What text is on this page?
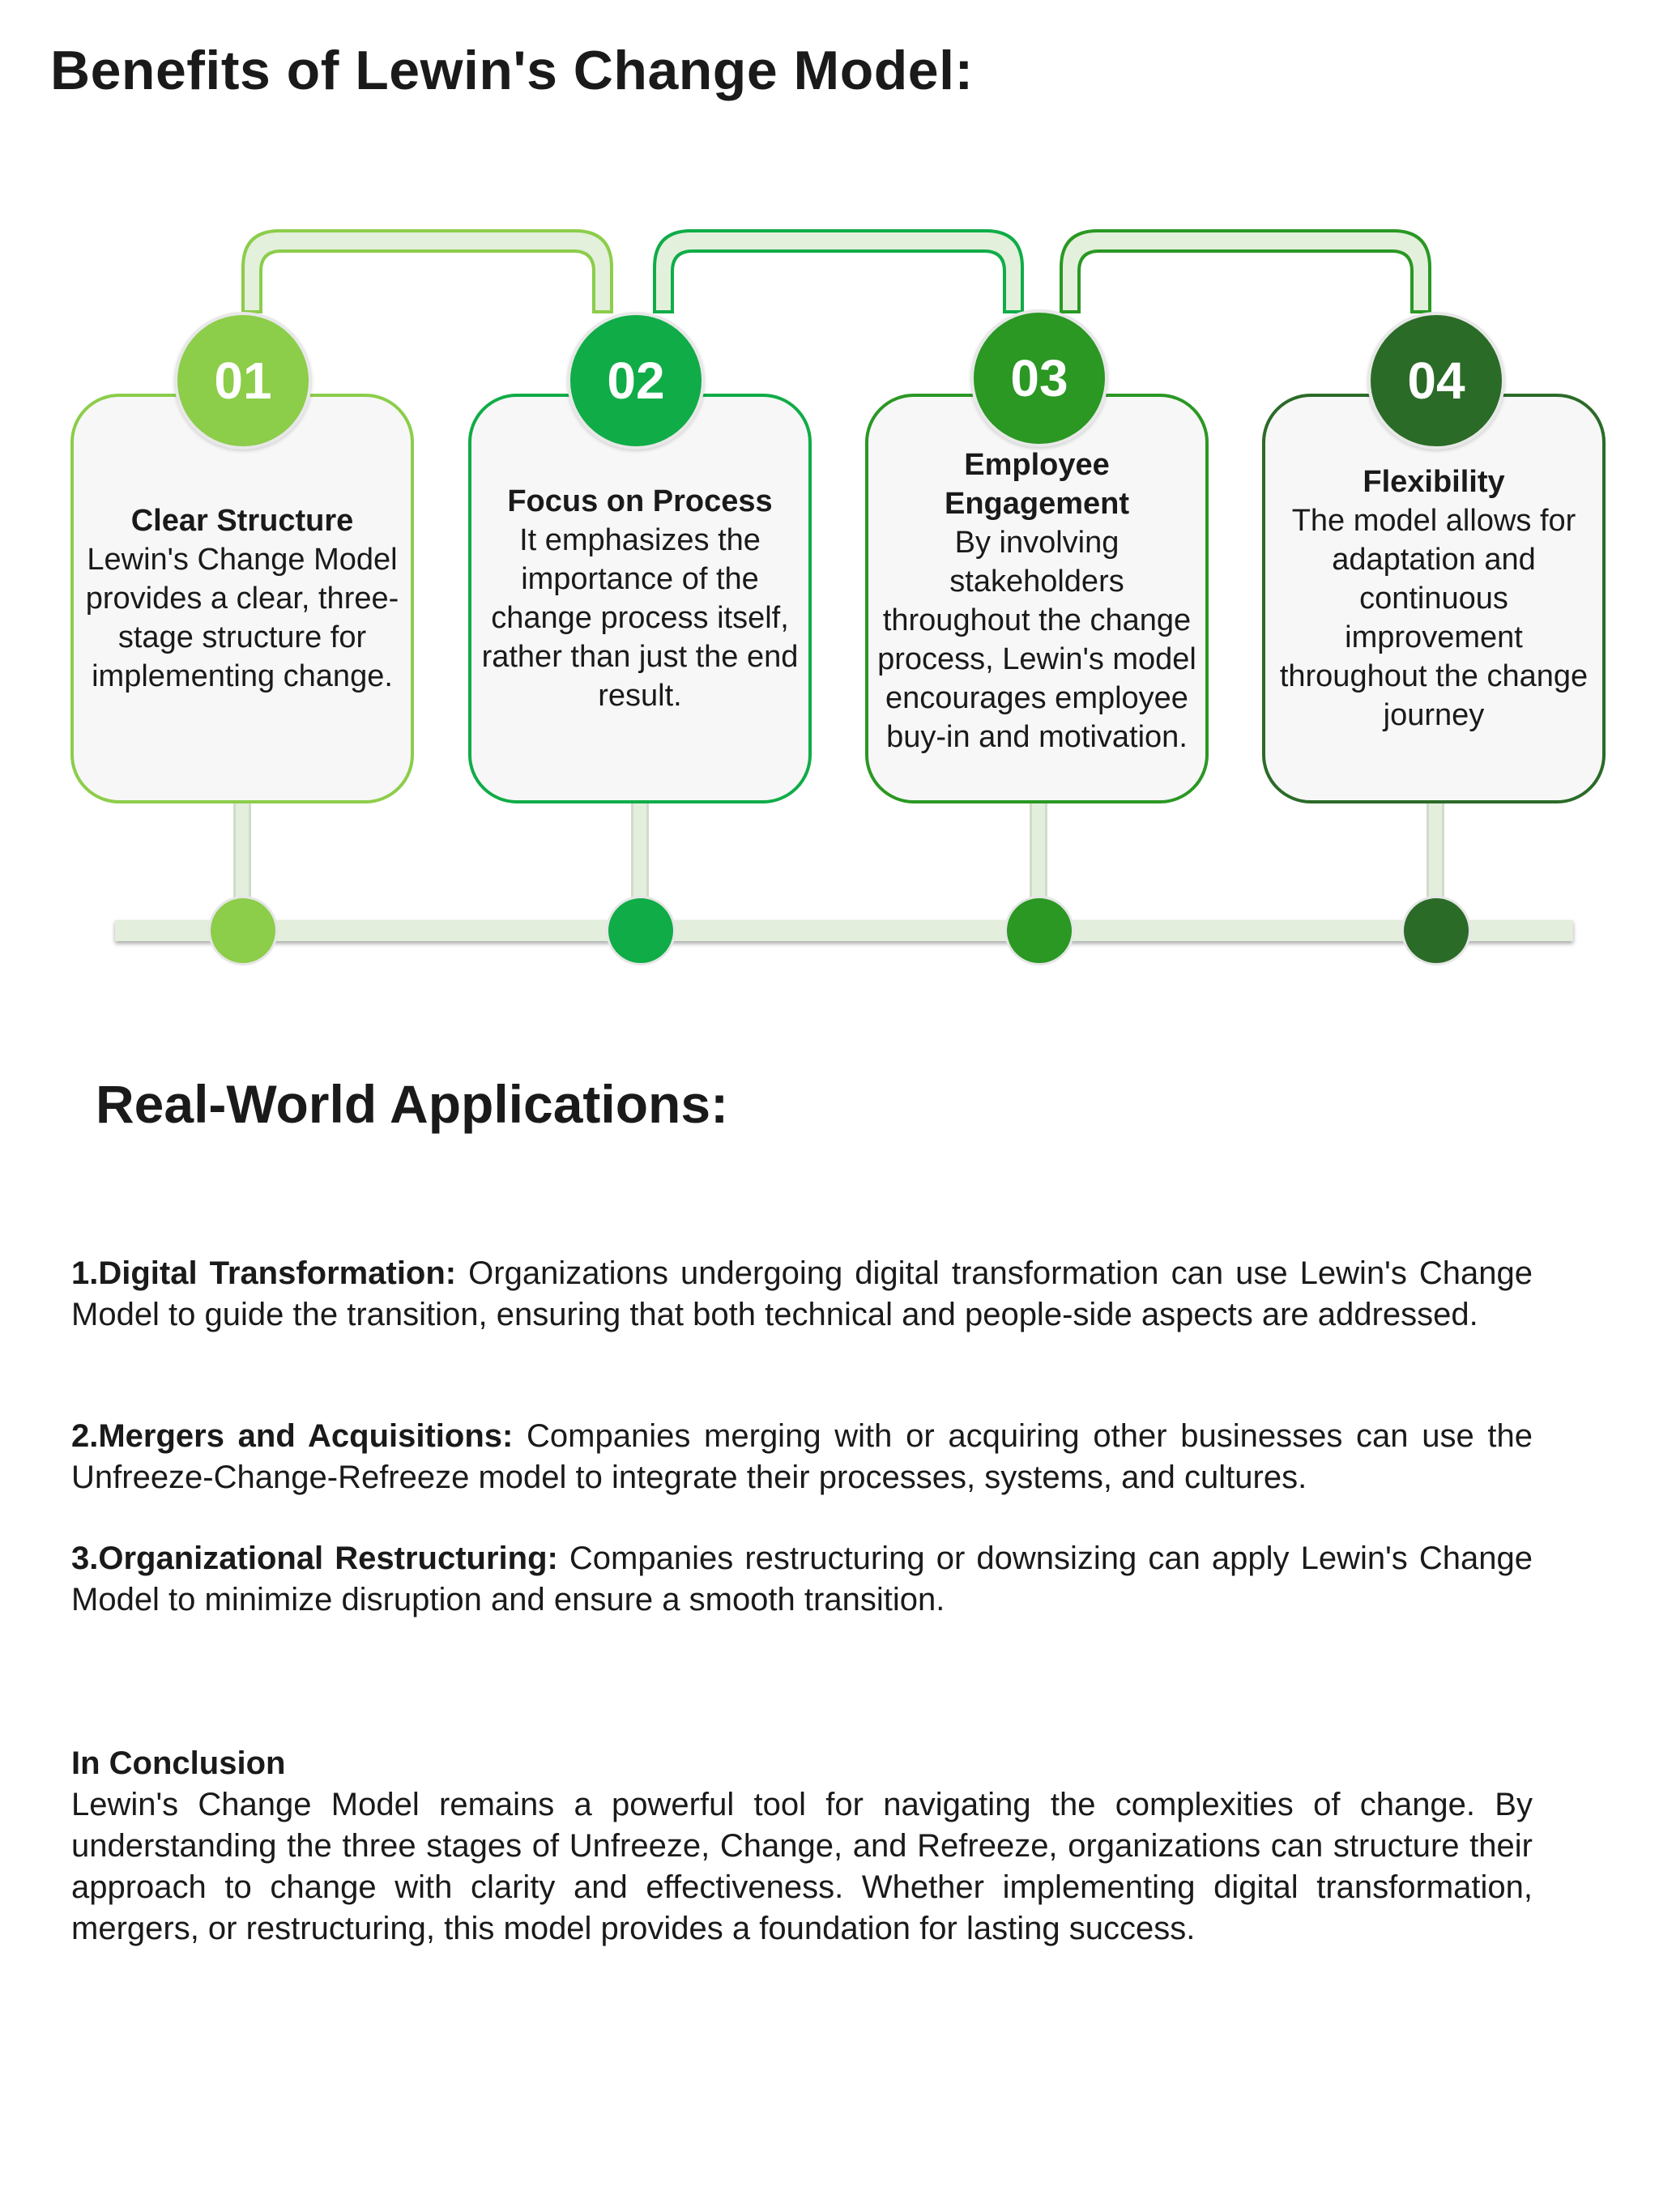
Benefits of Lewin's Change Model:
Clear Structure
Lewin's Change Model provides a clear, three-stage structure for implementing change.
Focus on Process
It emphasizes the importance of the change process itself, rather than just the end result.
Employee Engagement
By involving stakeholders throughout the change process, Lewin's model encourages employee buy-in and motivation.
Flexibility
The model allows for adaptation and continuous improvement throughout the change journey
01	02	03	04
Real-World Applications:
1.Digital Transformation: Organizations undergoing digital transformation can use Lewin's Change Model to guide the transition, ensuring that both technical and people-side aspects are addressed.
2.Mergers and Acquisitions: Companies merging with or acquiring other businesses can use the Unfreeze-Change-Refreeze model to integrate their processes, systems, and cultures.
3.Organizational Restructuring: Companies restructuring or downsizing can apply Lewin's Change Model to minimize disruption and ensure a smooth transition.
In Conclusion
Lewin's Change Model remains a powerful tool for navigating the complexities of change. By understanding the three stages of Unfreeze, Change, and Refreeze, organizations can structure their approach to change with clarity and effectiveness. Whether implementing digital transformation, mergers, or restructuring, this model provides a foundation for lasting success.
